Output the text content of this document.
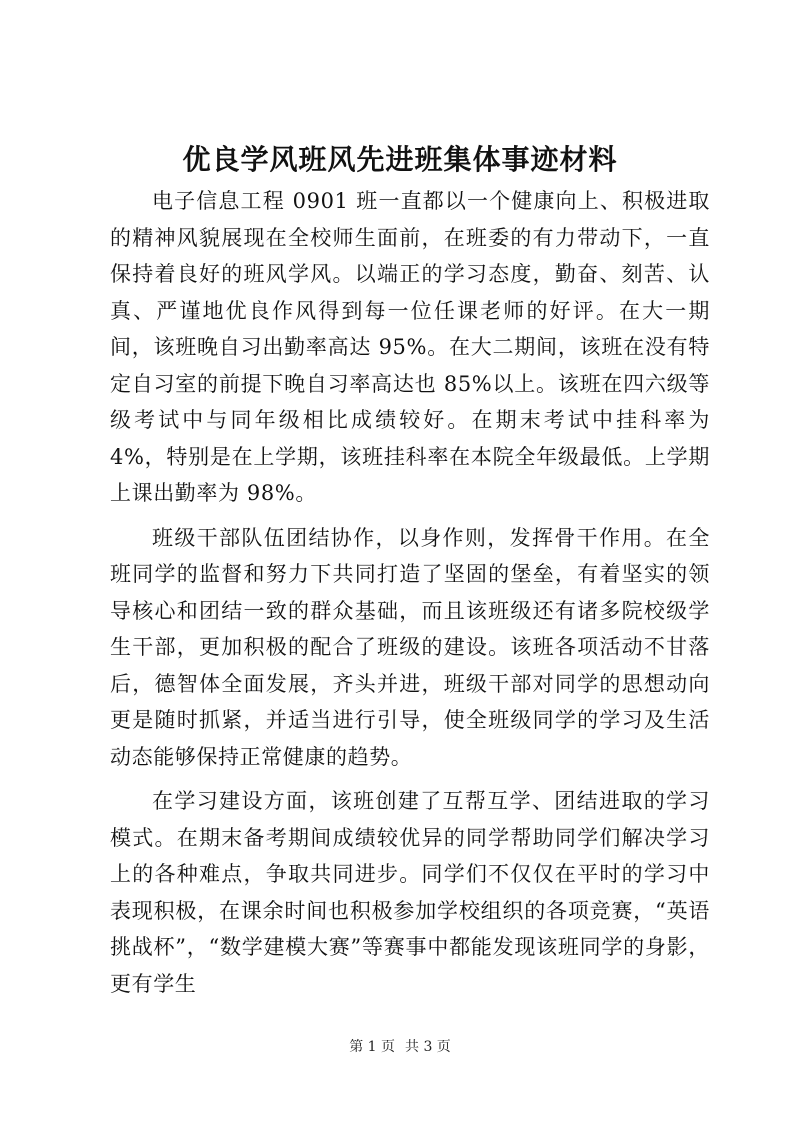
优良学风班风先进班集体事迹材料

电子信息工程 0901 班一直都以一个健康向上、积极进取的精神风貌展现在全校师生面前，在班委的有力带动下，一直保持着良好的班风学风。以端正的学习态度，勤奋、刻苦、认真、严谨地优良作风得到每一位任课老师的好评。在大一期间，该班晚自习出勤率高达 95%。在大二期间，该班在没有特定自习室的前提下晚自习率高达也 85%以上。该班在四六级等级考试中与同年级相比成绩较好。在期末考试中挂科率为 4%，特别是在上学期，该班挂科率在本院全年级最低。上学期上课出勤率为 98%。

班级干部队伍团结协作，以身作则，发挥骨干作用。在全班同学的监督和努力下共同打造了坚固的堡垒，有着坚实的领导核心和团结一致的群众基础，而且该班级还有诸多院校级学生干部，更加积极的配合了班级的建设。该班各项活动不甘落后，德智体全面发展，齐头并进，班级干部对同学的思想动向更是随时抓紧，并适当进行引导，使全班级同学的学习及生活动态能够保持正常健康的趋势。

在学习建设方面，该班创建了互帮互学、团结进取的学习模式。在期末备考期间成绩较优异的同学帮助同学们解决学习上的各种难点，争取共同进步。同学们不仅仅在平时的学习中表现积极，在课余时间也积极参加学校组织的各项竞赛，“英语挑战杯”，“数学建模大赛”等赛事中都能发现该班同学的身影，更有学生

第 1 页 共 3 页
